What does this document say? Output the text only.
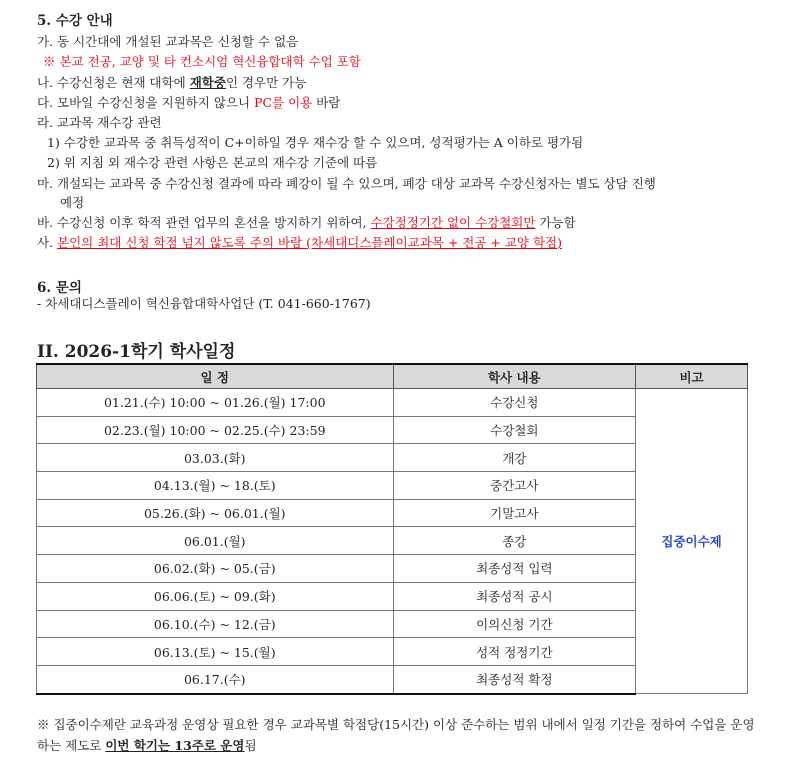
5. 수강 안내
가. 동 시간대에 개설된 교과목은 신청할 수 없음
※ 본교 전공, 교양 및 타 컨소시엄 혁신융합대학 수업 포함
나. 수강신청은 현재 대학에 재학중인 경우만 가능
다. 모바일 수강신청을 지원하지 않으니 PC를 이용 바람
라. 교과목 재수강 관련
1) 수강한 교과목 중 취득성적이 C+이하일 경우 재수강 할 수 있으며, 성적평가는 A 이하로 평가됨
2) 위 지침 외 재수강 관련 사항은 본교의 재수강 기준에 따름
마. 개설되는 교과목 중 수강신청 결과에 따라 폐강이 될 수 있으며, 폐강 대상 교과목 수강신청자는 별도 상담 진행
예정
바. 수강신청 이후 학적 관련 업무의 혼선을 방지하기 위하여, 수강정정기간 없이 수강철회만 가능함
사. 본인의 최대 신청 학점 넘지 않도록 주의 바람 (차세대디스플레이교과목 + 전공 + 교양 학점)
6. 문의
- 차세대디스플레이 혁신융합대학사업단 (T. 041-660-1767)
II. 2026-1학기 학사일정
일 정	학사 내용	비고
01.21.(수) 10:00 ~ 01.26.(월) 17:00	수강신청	집중이수제
02.23.(월) 10:00 ~ 02.25.(수) 23:59	수강철회	
03.03.(화)	개강	
04.13.(월) ~ 18.(토)	중간고사	
05.26.(화) ~ 06.01.(월)	기말고사	
06.01.(월)	종강	
06.02.(화) ~ 05.(금)	최종성적 입력	
06.06.(토) ~ 09.(화)	최종성적 공시	
06.10.(수) ~ 12.(금)	이의신청 기간	
06.13.(토) ~ 15.(월)	성적 정정기간	
06.17.(수)	최종성적 확정	
※ 집중이수제란 교육과정 운영상 필요한 경우 교과목별 학점당(15시간) 이상 준수하는 범위 내에서 일정 기간을 정하여 수업을 운영하는 제도로 이번 학기는 13주로 운영됨
